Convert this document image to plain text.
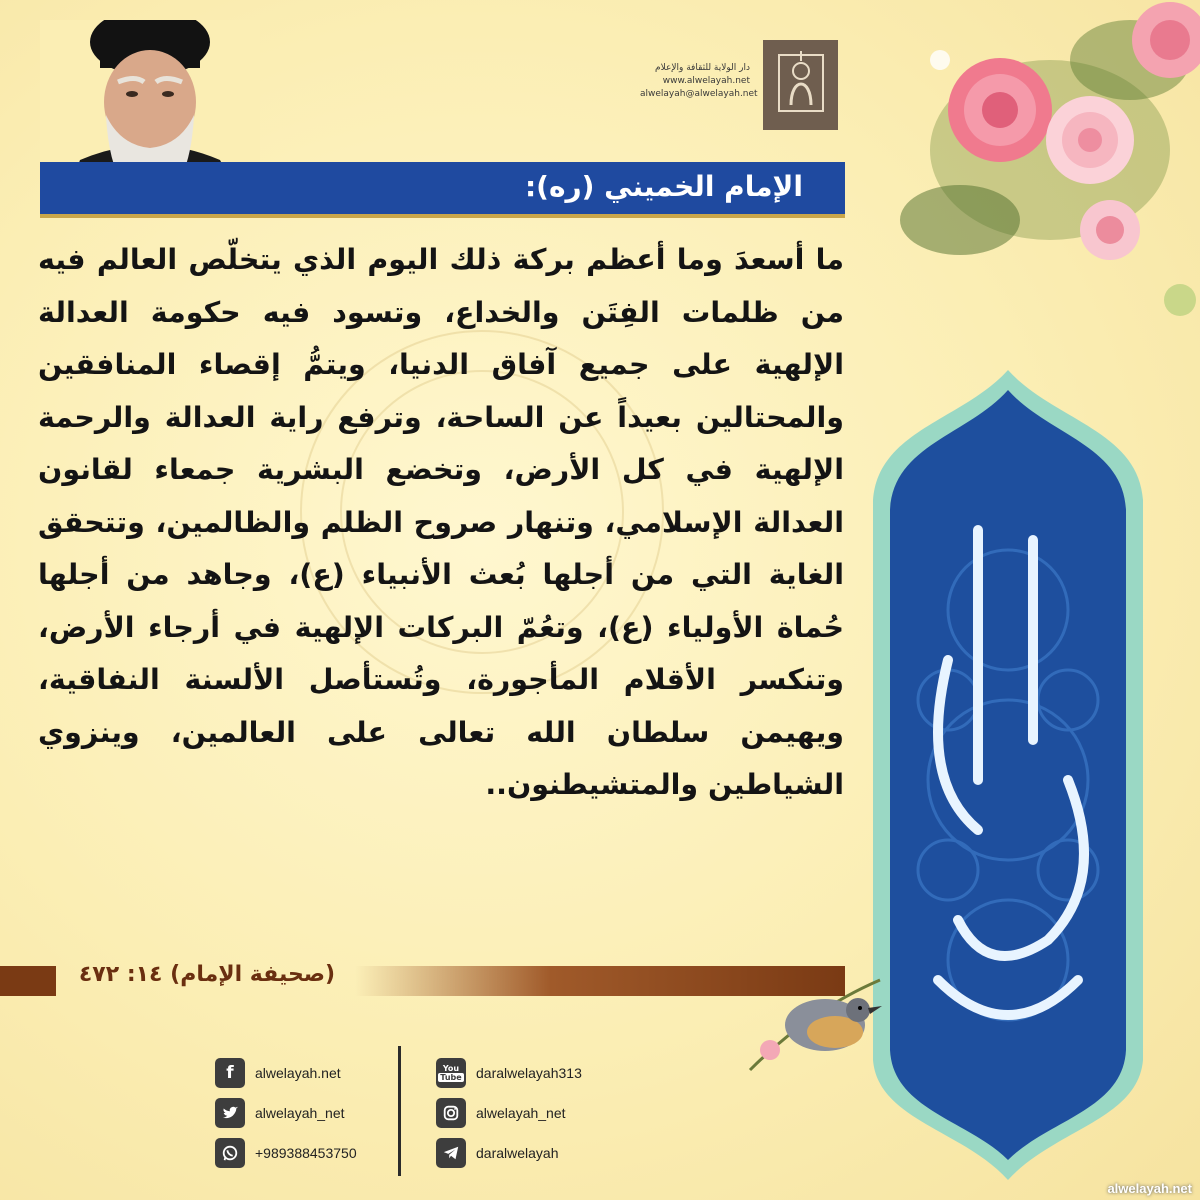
دار الولاية للثقافة والإعلام
www.alwelayah.net
alwelayah@alwelayah.net
الإمام الخميني (ره):

ما أسعدَ وما أعظم بركة ذلك اليوم الذي يتخلّص العالم فيه من ظلمات الفِتَن والخداع، وتسود فيه حكومة العدالة الإلهية على جميع آفاق الدنيا، ويتمُّ إقصاء المنافقين والمحتالين بعيداً عن الساحة، وترفع راية العدالة والرحمة الإلهية في كل الأرض، وتخضع البشرية جمعاء لقانون العدالة الإسلامي، وتنهار صروح الظلم والظالمين، وتتحقق الغاية التي من أجلها بُعث الأنبياء (ع)، وجاهد من أجلها حُماة الأولياء (ع)، وتعُمّ البركات الإلهية في أرجاء الأرض، وتنكسر الأقلام المأجورة، وتُستأصل الألسنة النفاقية، ويهيمن سلطان الله تعالى على العالمين، وينزوي الشياطين والمتشيطنون..

(صحيفة الإمام) ١٤: ٤٧٢
f	alwelayah.net
alwelayah_net
+989388453750
You
Tube daralwelayah313
alwelayah_net
daralwelayah
alwelayah.net
